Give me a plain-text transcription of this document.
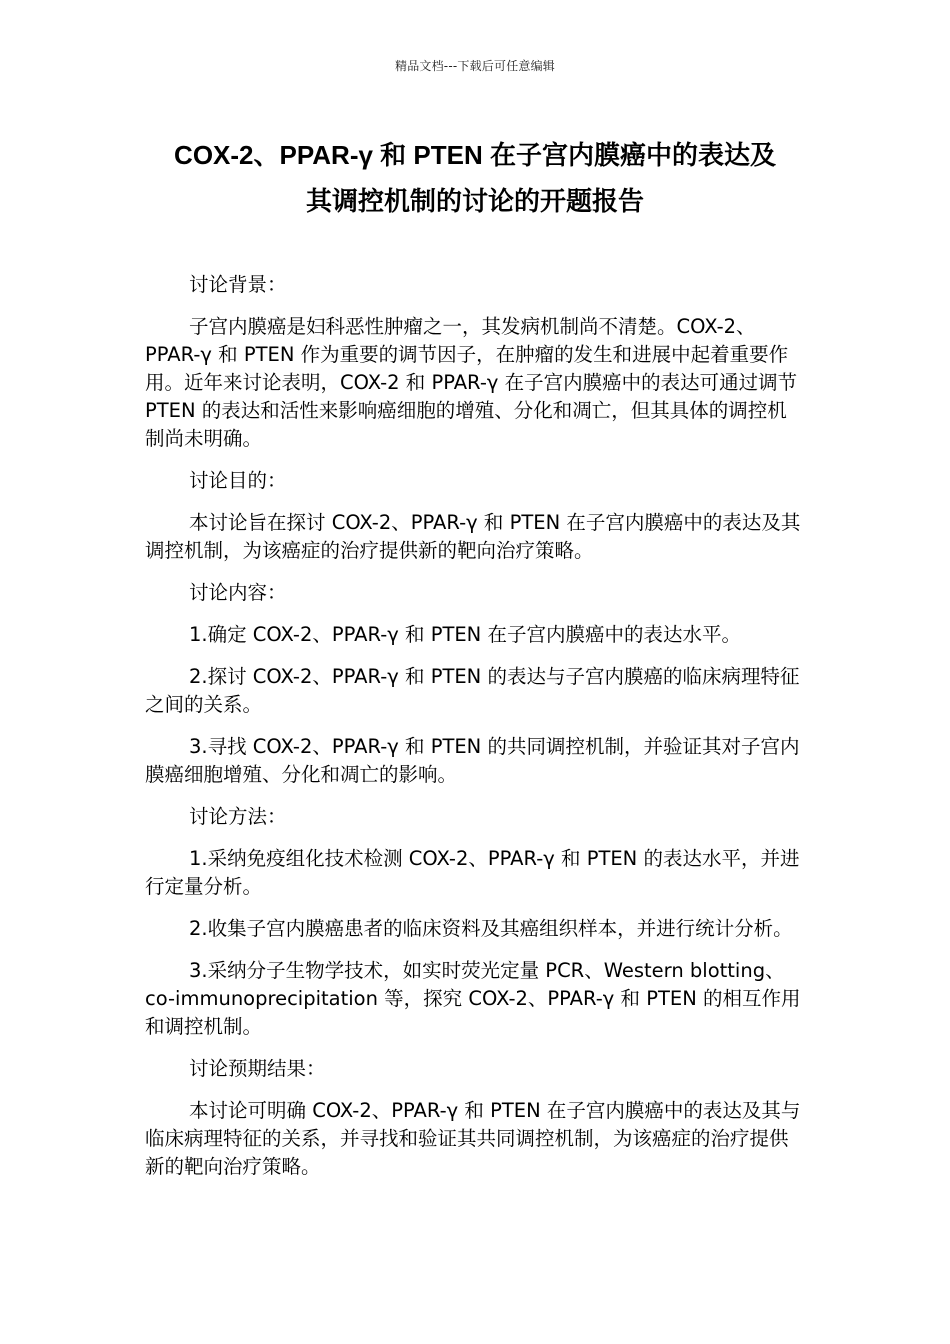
精品文档---下载后可任意编辑
COX-2、PPAR-γ 和 PTEN 在子宫内膜癌中的表达及
其调控机制的讨论的开题报告

讨论背景：

子宫内膜癌是妇科恶性肿瘤之一，其发病机制尚不清楚。COX-2、PPAR-γ 和 PTEN 作为重要的调节因子，在肿瘤的发生和进展中起着重要作用。近年来讨论表明，COX-2 和 PPAR-γ 在子宫内膜癌中的表达可通过调节 PTEN 的表达和活性来影响癌细胞的增殖、分化和凋亡，但其具体的调控机制尚未明确。

讨论目的：

本讨论旨在探讨 COX-2、PPAR-γ 和 PTEN 在子宫内膜癌中的表达及其调控机制，为该癌症的治疗提供新的靶向治疗策略。

讨论内容：

1.确定 COX-2、PPAR-γ 和 PTEN 在子宫内膜癌中的表达水平。

2.探讨 COX-2、PPAR-γ 和 PTEN 的表达与子宫内膜癌的临床病理特征之间的关系。

3.寻找 COX-2、PPAR-γ 和 PTEN 的共同调控机制，并验证其对子宫内膜癌细胞增殖、分化和凋亡的影响。

讨论方法：

1.采纳免疫组化技术检测 COX-2、PPAR-γ 和 PTEN 的表达水平，并进行定量分析。

2.收集子宫内膜癌患者的临床资料及其癌组织样本，并进行统计分析。

3.采纳分子生物学技术，如实时荧光定量 PCR、Western blotting、co-immunoprecipitation 等，探究 COX-2、PPAR-γ 和 PTEN 的相互作用和调控机制。

讨论预期结果：

本讨论可明确 COX-2、PPAR-γ 和 PTEN 在子宫内膜癌中的表达及其与临床病理特征的关系，并寻找和验证其共同调控机制，为该癌症的治疗提供新的靶向治疗策略。
